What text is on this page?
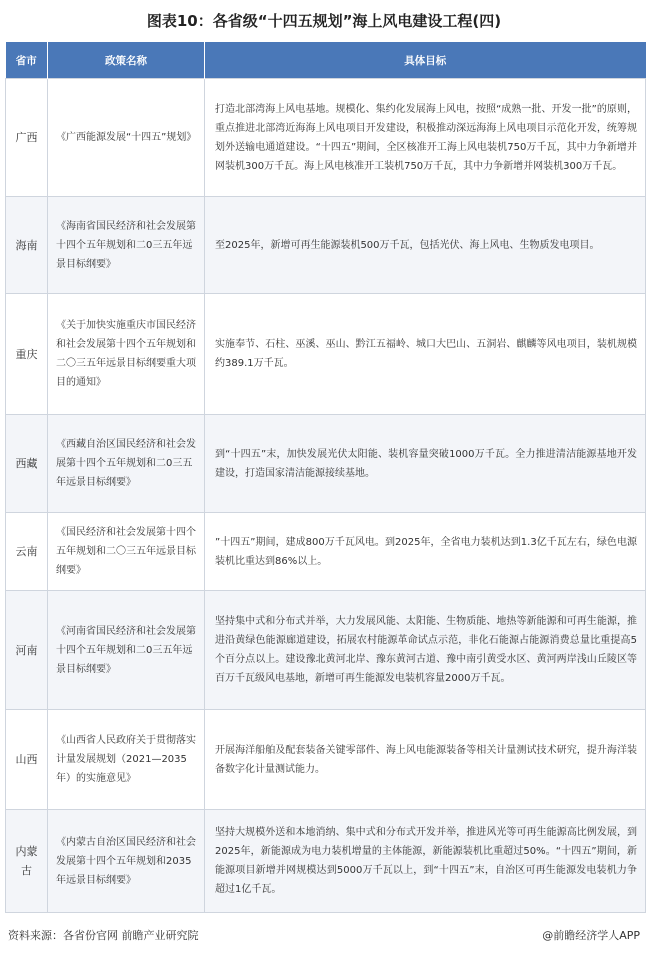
图表10：各省级“十四五规划”海上风电建设工程(四)
省市	政策名称	具体目标
广西	《广西能源发展“十四五”规划》	打造北部湾海上风电基地。规模化、集约化发展海上风电，按照“成熟一批、开发一批”的原则，重点推进北部湾近海海上风电项目开发建设，积极推动深远海海上风电项目示范化开发，统筹规划外送输电通道建设。“十四五”期间，全区核准开工海上风电装机750万千瓦，其中力争新增并网装机300万千瓦。海上风电核准开工装机750万千瓦，其中力争新增并网装机300万千瓦。
海南	《海南省国民经济和社会发展第十四个五年规划和二0三五年远景目标纲要》	至2025年，新增可再生能源装机500万千瓦，包括光伏、海上风电、生物质发电项目。
重庆	《关于加快实施重庆市国民经济和社会发展第十四个五年规划和二〇三五年远景目标纲要重大项目的通知》	实施奉节、石柱、巫溪、巫山、黔江五福岭、城口大巴山、五洞岩、麒麟等风电项目，装机规模约389.1万千瓦。
西藏	《西藏自治区国民经济和社会发展第十四个五年规划和二0三五年远景目标纲要》	到“十四五”末，加快发展光伏太阳能、装机容量突破1000万千瓦。全力推进清洁能源基地开发建设，打造国家清洁能源接续基地。
云南	《国民经济和社会发展第十四个五年规划和二〇三五年远景目标纲要》	”十四五”期间，建成800万千瓦风电。到2025年，全省电力装机达到1.3亿千瓦左右，绿色电源装机比重达到86%以上。
河南	《河南省国民经济和社会发展第十四个五年规划和二0三五年远景目标纲要》	坚持集中式和分布式并举，大力发展风能、太阳能、生物质能、地热等新能源和可再生能源，推进沿黄绿色能源廊道建设，拓展农村能源革命试点示范，非化石能源占能源消费总量比重提高5个百分点以上。建设豫北黄河北岸、豫东黄河古道、豫中南引黄受水区、黄河两岸浅山丘陵区等百万千瓦级风电基地，新增可再生能源发电装机容量2000万千瓦。
山西	《山西省人民政府关于贯彻落实计量发展规划（2021—2035年）的实施意见》	开展海洋船舶及配套装备关键零部件、海上风电能源装备等相关计量测试技术研究，提升海洋装备数字化计量测试能力。
内蒙古	《内蒙古自治区国民经济和社会发展第十四个五年规划和2035年远景目标纲要》	坚持大规模外送和本地消纳、集中式和分布式开发并举，推进风光等可再生能源高比例发展，到2025年，新能源成为电力装机增量的主体能源，新能源装机比重超过50%。“十四五”期间，新能源项目新增并网规模达到5000万千瓦以上，到“十四五”末，自治区可再生能源发电装机力争超过1亿千瓦。
资料来源：各省份官网 前瞻产业研究院	@前瞻经济学人APP
